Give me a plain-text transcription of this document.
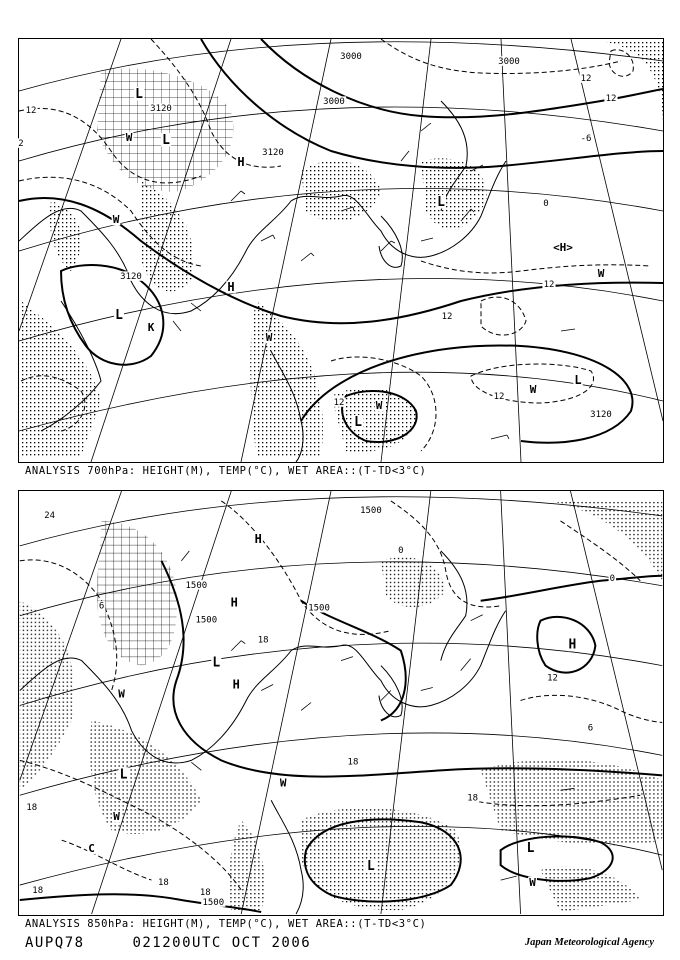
L
L
H
L
K
H
L
<H>
L
L
W
W
W
W
W
W
12	3120
3120
3120
3120
3000
3000	3000
12
12
-6
0
12
12
12
12
2
ANALYSIS 700hPa: HEIGHT(M), TEMP(°C), WET AREA::(T-TD<3°C)
H
H
H
H
L
L
L
L
W
W
W
W
C
24
1500
1500
1500
1500
1500
6
18
18
18
18
18
18
18
12
0
0
6
ANALYSIS 850hPa: HEIGHT(M), TEMP(°C), WET AREA::(T-TD<3°C)
AUPQ78	021200UTC OCT 2006	Japan Meteorological Agency
